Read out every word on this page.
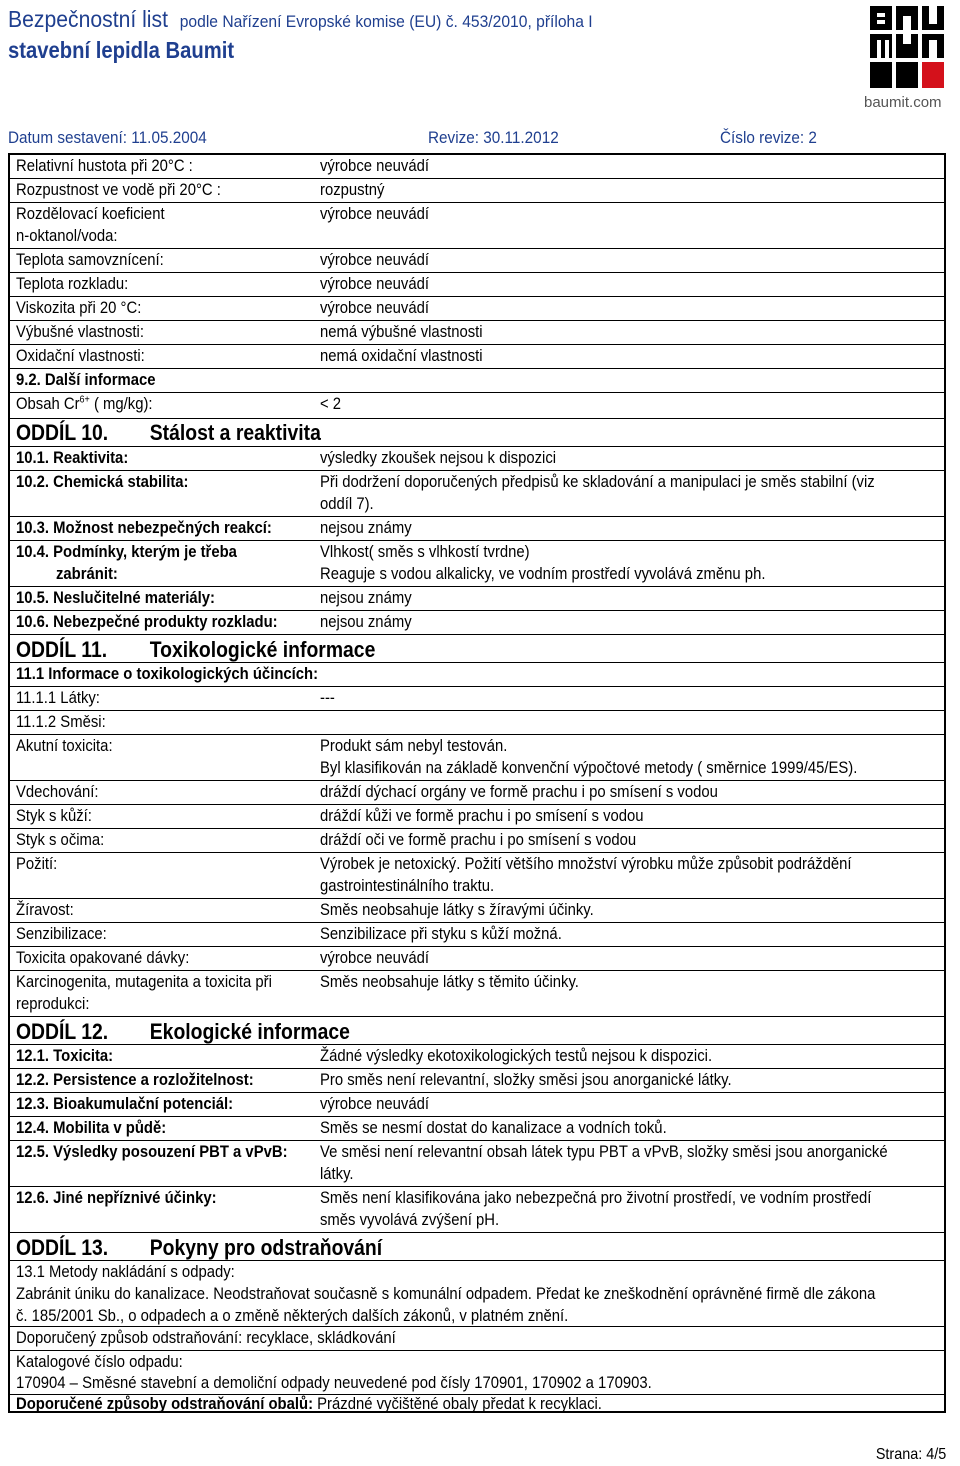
Bezpečnostní list podle Nařízení Evropské komise (EU) č. 453/2010, příloha I
stavební lepidla Baumit
Datum sestavení: 11.05.2004	Revize: 30.11.2012	Číslo revize: 2
baumit.com
Relativní hustota při 20°C :	výrobce neuvádí
Rozpustnost ve vodě při 20°C :	rozpustný
Rozdělovací koeficient
n-oktanol/voda:
výrobce neuvádí
Teplota samovznícení:	výrobce neuvádí
Teplota rozkladu:	výrobce neuvádí
Viskozita při 20 °C:	výrobce neuvádí
Výbušné vlastnosti:	nemá výbušné vlastnosti
Oxidační vlastnosti:	nemá oxidační vlastnosti
9.2. Další informace
Obsah $Cr^{6+}$ ( mg/kg):	< 2
ODDÍL 10. Stálost a reaktivita
10.1. Reaktivita:	výsledky zkoušek nejsou k dispozici
10.2. Chemická stabilita:	Při dodržení doporučených předpisů ke skladování a manipulaci je směs stabilní (viz
oddíl 7).
10.3. Možnost nebezpečných reakcí:	nejsou známy
10.4. Podmínky, kterým je třeba
zabránit:
Vlhkost( směs s vlhkostí tvrdne)
Reaguje s vodou alkalicky, ve vodním prostředí vyvolává změnu ph.
10.5. Neslučitelné materiály:	nejsou známy
10.6. Nebezpečné produkty rozkladu:	nejsou známy
ODDÍL 11. Toxikologické informace
11.1 Informace o toxikologických účincích:
11.1.1 Látky:	---
11.1.2 Směsi:
Akutní toxicita:	Produkt sám nebyl testován.
Byl klasifikován na základě konvenční výpočtové metody ( směrnice 1999/45/ES).
Vdechování:	dráždí dýchací orgány ve formě prachu i po smísení s vodou
Styk s kůží:	dráždí kůži ve formě prachu i po smísení s vodou
Styk s očima:	dráždí oči ve formě prachu i po smísení s vodou
Požití:	Výrobek je netoxický. Požití většího množství výrobku může způsobit podráždění
gastrointestinálního traktu.
Žíravost:	Směs neobsahuje látky s žíravými účinky.
Senzibilizace:	Senzibilizace při styku s kůží možná.
Toxicita opakované dávky:	výrobce neuvádí
Karcinogenita, mutagenita a toxicita při
reprodukci:
Směs neobsahuje látky s těmito účinky.
ODDÍL 12. Ekologické informace
12.1. Toxicita:	Žádné výsledky ekotoxikologických testů nejsou k dispozici.
12.2. Persistence a rozložitelnost:	Pro směs není relevantní, složky směsi jsou anorganické látky.
12.3. Bioakumulační potenciál:	výrobce neuvádí
12.4. Mobilita v půdě:	Směs se nesmí dostat do kanalizace a vodních toků.
12.5. Výsledky posouzení PBT a vPvB: Ve směsi není relevantní obsah látek typu PBT a vPvB, složky směsi jsou anorganické
látky.
12.6. Jiné nepříznivé účinky:	Směs není klasifikována jako nebezpečná pro životní prostředí, ve vodním prostředí
směs vyvolává zvýšení pH.
ODDÍL 13. Pokyny pro odstraňování
13.1 Metody nakládání s odpady:
Zabránit úniku do kanalizace. Neodstraňovat současně s komunální odpadem. Předat ke zneškodnění oprávněné firmě dle zákona
č. 185/2001 Sb., o odpadech a o změně některých dalších zákonů, v platném znění.
Doporučený způsob odstraňování: recyklace, skládkování
Katalogové číslo odpadu:
170904 – Směsné stavební a demoliční odpady neuvedené pod čísly 170901, 170902 a 170903.
Doporučené způsoby odstraňování obalů: Prázdné vyčištěné obaly předat k recyklaci.
Strana: 4/5
